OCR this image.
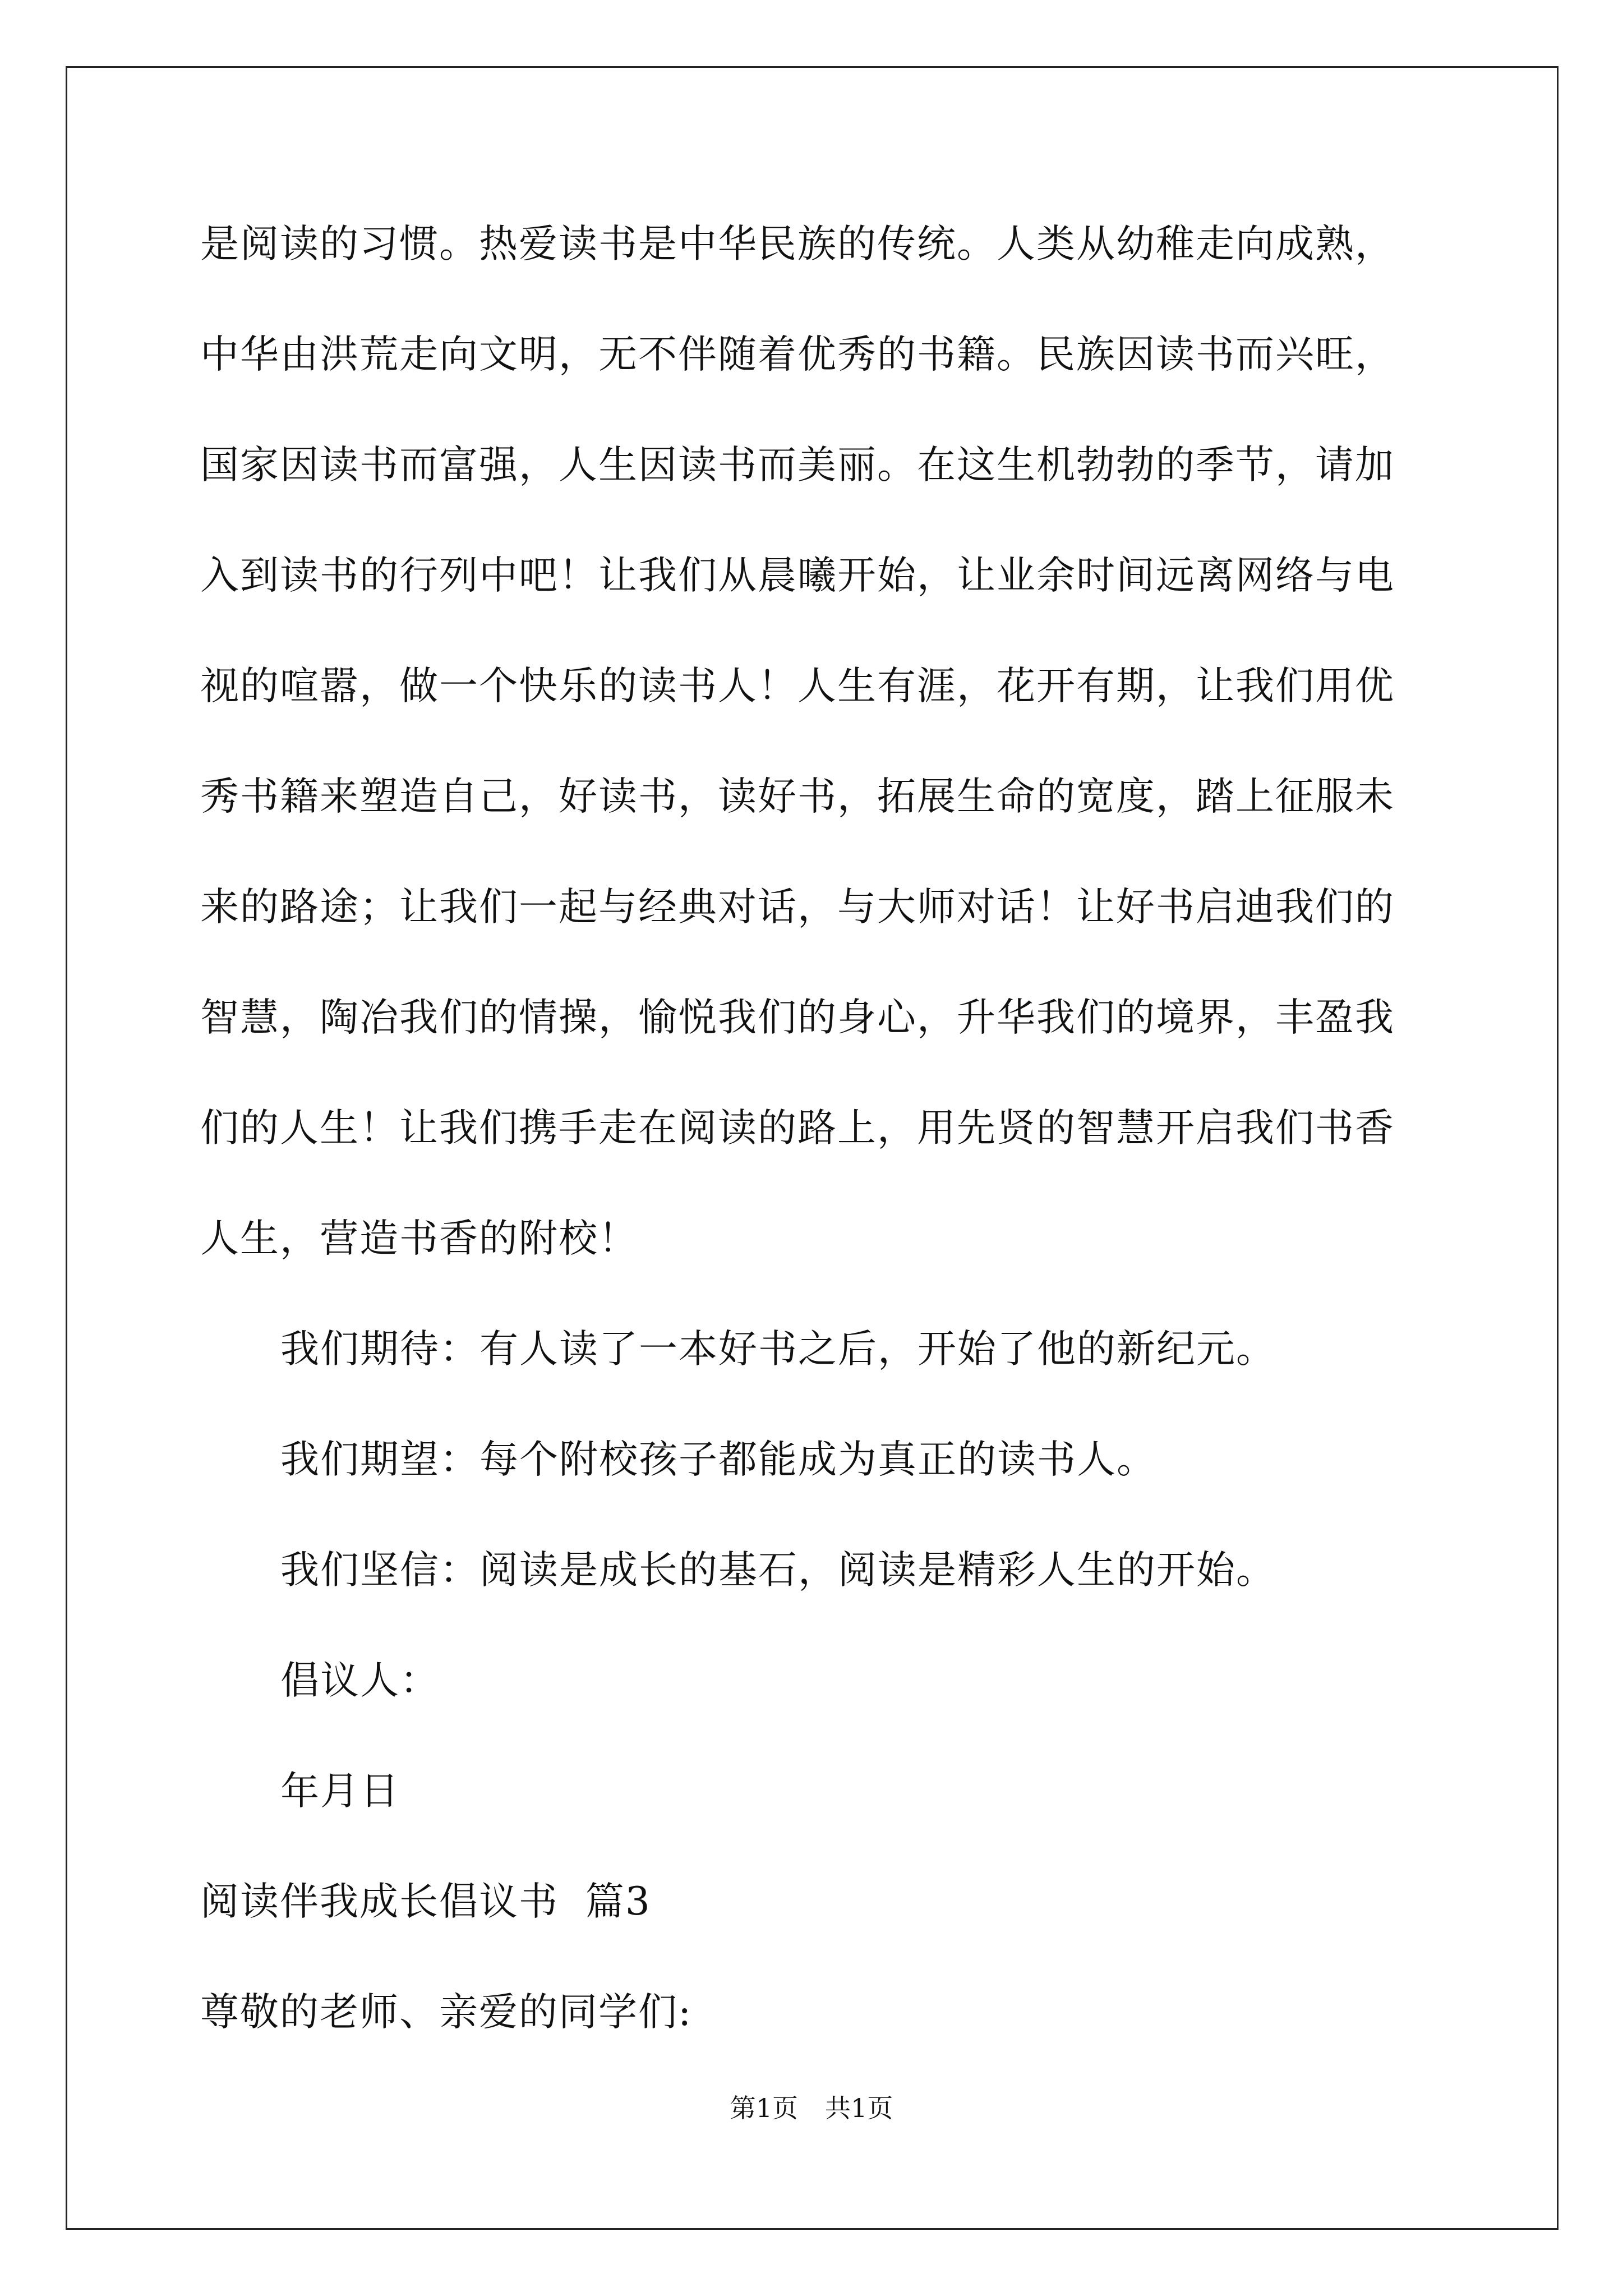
是阅读的习惯。热爱读书是中华民族的传统。人类从幼稚走向成熟，
中华由洪荒走向文明，无不伴随着优秀的书籍。民族因读书而兴旺，
国家因读书而富强，人生因读书而美丽。在这生机勃勃的季节，请加
入到读书的行列中吧！让我们从晨曦开始，让业余时间远离网络与电
视的喧嚣，做一个快乐的读书人！人生有涯，花开有期，让我们用优
秀书籍来塑造自己，好读书，读好书，拓展生命的宽度，踏上征服未
来的路途；让我们一起与经典对话，与大师对话！让好书启迪我们的
智慧，陶冶我们的情操，愉悦我们的身心，升华我们的境界，丰盈我
们的人生！让我们携手走在阅读的路上，用先贤的智慧开启我们书香
人生，营造书香的附校！
我们期待：有人读了一本好书之后，开始了他的新纪元。
我们期望：每个附校孩子都能成为真正的读书人。
我们坚信：阅读是成长的基石，阅读是精彩人生的开始。
倡议人：
年月日
阅读伴我成长倡议书  篇3
尊敬的老师、亲爱的同学们:
第1页 共1页
